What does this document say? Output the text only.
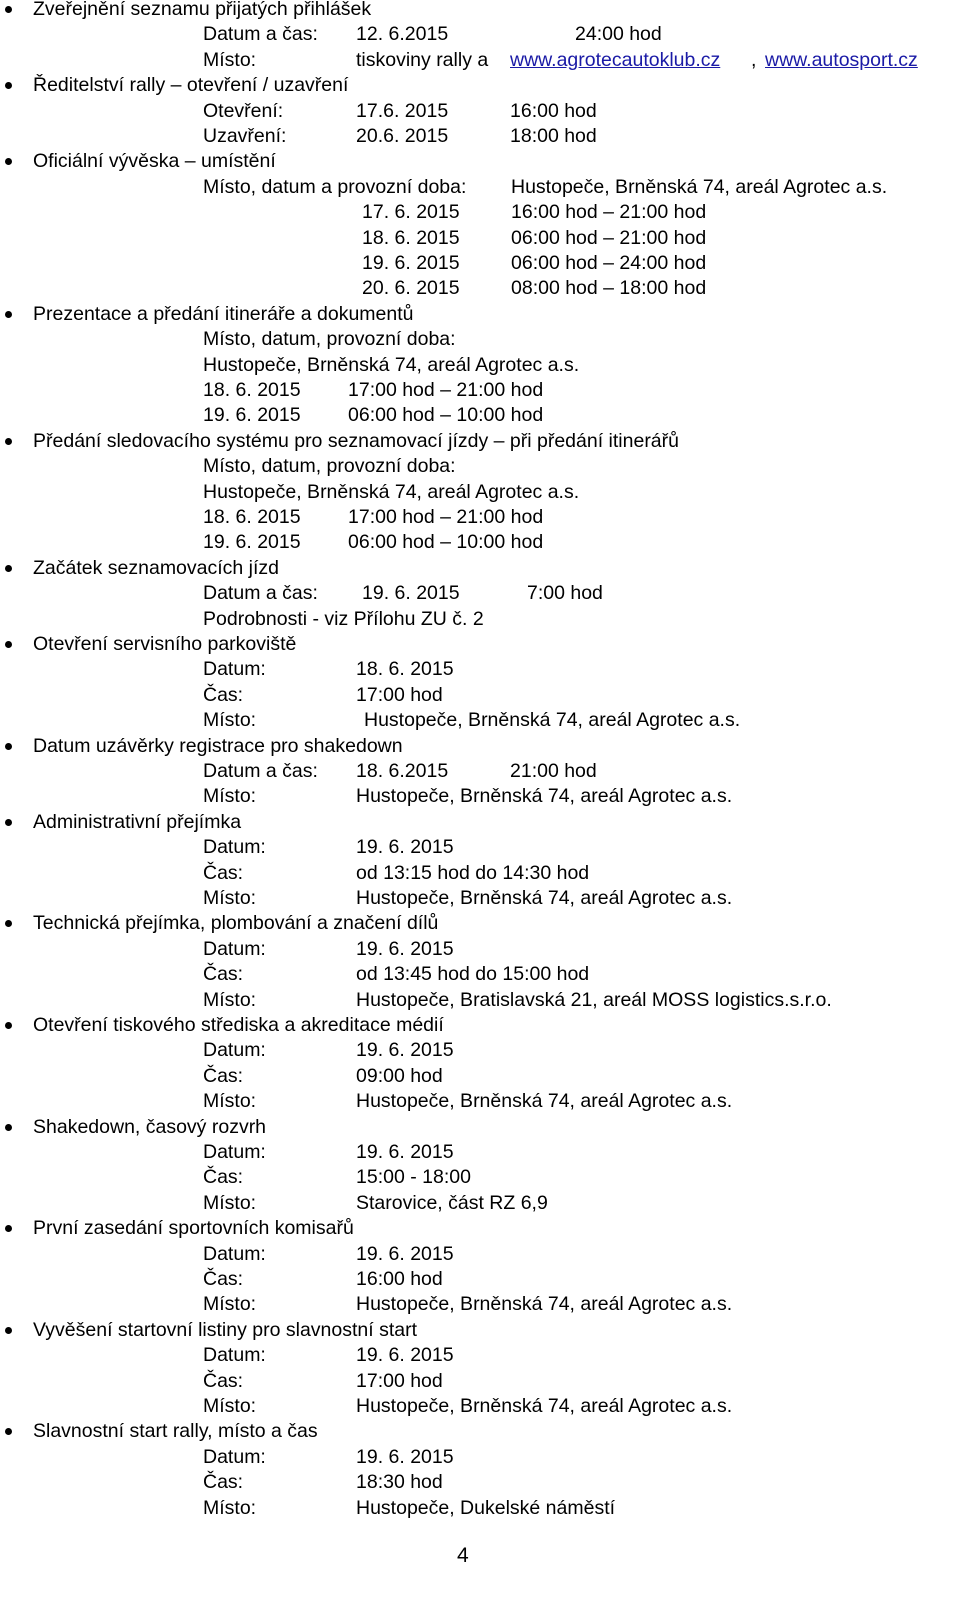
Zveřejnění seznamu přijatých přihlášek
Datum a čas: 12. 6.2015	24:00 hod
Místo:	tiskoviny rally a www.agrotecautoklub.cz , www.autosport.cz
Ředitelství rally – otevření / uzavření
Otevření:	17.6. 2015	16:00 hod
Uzavření:	20.6. 2015	18:00 hod
Oficiální vývěska – umístění
Místo, datum a provozní doba: Hustopeče, Brněnská 74, areál Agrotec a.s.
17. 6. 2015	16:00 hod – 21:00 hod
18. 6. 2015	06:00 hod – 21:00 hod
19. 6. 2015	06:00 hod – 24:00 hod
20. 6. 2015	08:00 hod – 18:00 hod
Prezentace a předání itineráře a dokumentů
Místo, datum, provozní doba:
Hustopeče, Brněnská 74, areál Agrotec a.s.
18. 6. 2015 17:00 hod – 21:00 hod
19. 6. 2015 06:00 hod – 10:00 hod
Předání sledovacího systému pro seznamovací jízdy – při předání itinerářů
Místo, datum, provozní doba:
Hustopeče, Brněnská 74, areál Agrotec a.s.
18. 6. 2015 17:00 hod – 21:00 hod
19. 6. 2015 06:00 hod – 10:00 hod
Začátek seznamovacích jízd
Datum a čas: 19. 6. 2015	7:00 hod
Podrobnosti - viz Přílohu ZU č. 2
Otevření servisního parkoviště
Datum:	18. 6. 2015
Čas:	17:00 hod
Místo:	Hustopeče, Brněnská 74, areál Agrotec a.s.
Datum uzávěrky registrace pro shakedown
Datum a čas: 18. 6.2015	21:00 hod
Místo:	Hustopeče, Brněnská 74, areál Agrotec a.s.
Administrativní přejímka
Datum:	19. 6. 2015
Čas:	od 13:15 hod do 14:30 hod
Místo:	Hustopeče, Brněnská 74, areál Agrotec a.s.
Technická přejímka, plombování a značení dílů
Datum:	19. 6. 2015
Čas:	od 13:45 hod do 15:00 hod
Místo:	Hustopeče, Bratislavská 21, areál MOSS logistics.s.r.o.
Otevření tiskového střediska a akreditace médií
Datum:	19. 6. 2015
Čas:	09:00 hod
Místo:	Hustopeče, Brněnská 74, areál Agrotec a.s.
Shakedown, časový rozvrh
Datum:	19. 6. 2015
Čas:	15:00 - 18:00
Místo:	Starovice, část RZ 6,9
První zasedání sportovních komisařů
Datum:	19. 6. 2015
Čas:	16:00 hod
Místo:	Hustopeče, Brněnská 74, areál Agrotec a.s.
Vyvěšení startovní listiny pro slavnostní start
Datum:	19. 6. 2015
Čas:	17:00 hod
Místo:	Hustopeče, Brněnská 74, areál Agrotec a.s.
Slavnostní start rally, místo a čas
Datum:	19. 6. 2015
Čas:	18:30 hod
Místo:	Hustopeče, Dukelské náměstí
4
